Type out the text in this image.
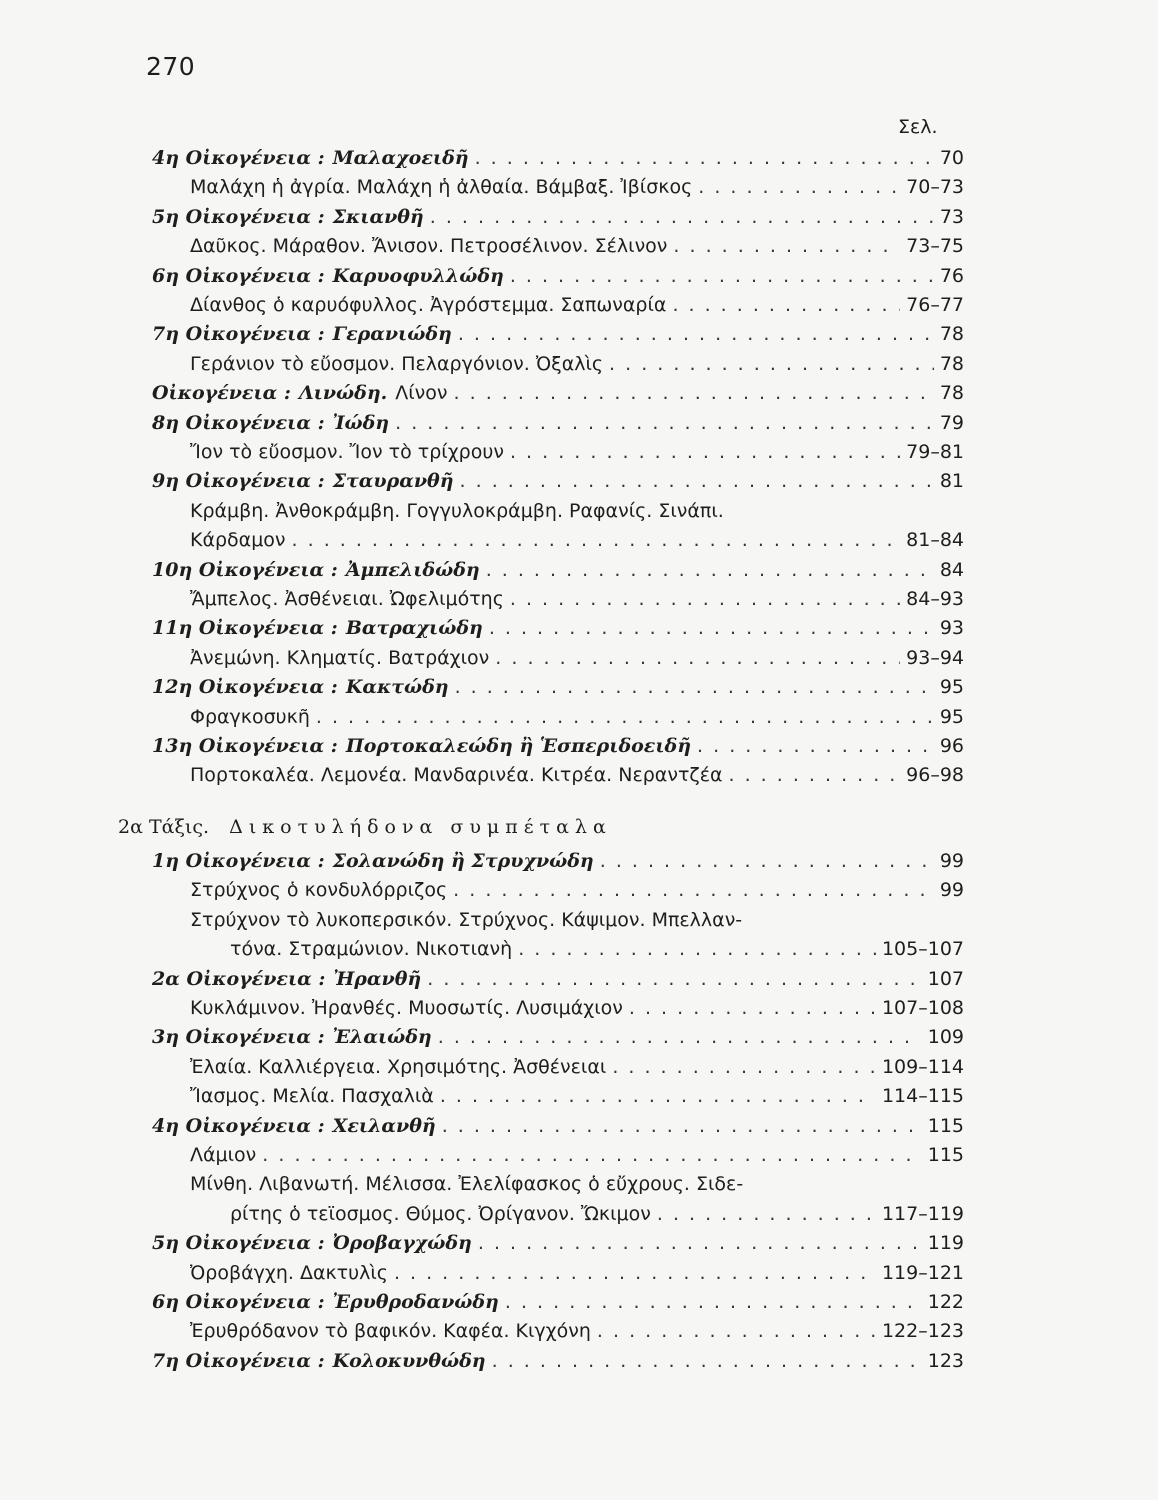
270
Σελ.
4η Οἰκογένεια : Μαλαχοειδῆ . . .	70
Μαλάχη ἡ ἀγρία. Μαλάχη ἡ ἀλθαία. Βάμβαξ. Ἰβίσκος . . .	70–73
5η Οἰκογένεια : Σκιανθῆ . . .	73
Δαῦκος. Μάραθον. Ἄνισον. Πετροσέλινον. Σέλινον . . .	73–75
6η Οἰκογένεια : Καρυοφυλλώδη . . .	76
Δίανθος ὁ καρυόφυλλος. Ἀγρόστεμμα. Σαπωναρία . . .	76–77
7η Οἰκογένεια : Γερανιώδη . . .	78
Γεράνιον τὸ εὔοσμον. Πελαργόνιον. Ὀξαλὶς . . .	78
Οἰκογένεια : Λινώδη. Λίνον . . .	78
8η Οἰκογένεια : Ἰώδη . . .	79
Ἴον τὸ εὔοσμον. Ἴον τὸ τρίχρουν . . .	79–81
9η Οἰκογένεια : Σταυρανθῆ . . .	81
Κράμβη. Ἀνθοκράμβη. Γογγυλοκράμβη. Ραφανίς. Σινάπι.
Κάρδαμον . . .	81–84
10η Οἰκογένεια : Ἀμπελιδώδη . . .	84
Ἄμπελος. Ἀσθένειαι. Ὠφελιμότης . . .	84–93
11η Οἰκογένεια : Βατραχιώδη . . .	93
Ἀνεμώνη. Κληματίς. Βατράχιον . . .	93–94
12η Οἰκογένεια : Κακτώδη . . .	95
Φραγκοσυκῆ . . .	95
13η Οἰκογένεια : Πορτοκαλεώδη ἢ Ἑσπεριδοειδῆ . . .	96
Πορτοκαλέα. Λεμονέα. Μανδαρινέα. Κιτρέα. Νεραντζέα . . .	96–98
2α Τάξις. Δικοτυλήδονα συμπέταλα
1η Οἰκογένεια : Σολανώδη ἢ Στρυχνώδη . . .	99
Στρύχνος ὁ κονδυλόρριζος . . .	99
Στρύχνον τὸ λυκοπερσικόν. Στρύχνος. Κάψιμον. Μπελλαν-
τόνα. Στραμώνιον. Νικοτιανὴ . . .	105–107
2α Οἰκογένεια : Ἠρανθῆ . . .	107
Κυκλάμινον. Ἠρανθές. Μυοσωτίς. Λυσιμάχιον . . .	107–108
3η Οἰκογένεια : Ἐλαιώδη . . .	109
Ἐλαία. Καλλιέργεια. Χρησιμότης. Ἀσθένειαι . . .	109–114
Ἴασμος. Μελία. Πασχαλιὰ . . .	114–115
4η Οἰκογένεια : Χειλανθῆ . . .	115
Λάμιον . . .	115
Μίνθη. Λιβανωτή. Μέλισσα. Ἐλελίφασκος ὁ εὔχρους. Σιδε-
ρίτης ὁ τεϊοσμος. Θύμος. Ὀρίγανον. Ὤκιμον . . .	117–119
5η Οἰκογένεια : Ὀροβαγχώδη . . .	119
Ὀροβάγχη. Δακτυλὶς . . .	119–121
6η Οἰκογένεια : Ἐρυθροδανώδη . . .	122
Ἐρυθρόδανον τὸ βαφικόν. Καφέα. Κιγχόνη . . .	122–123
7η Οἰκογένεια : Κολοκυνθώδη . . .	123
